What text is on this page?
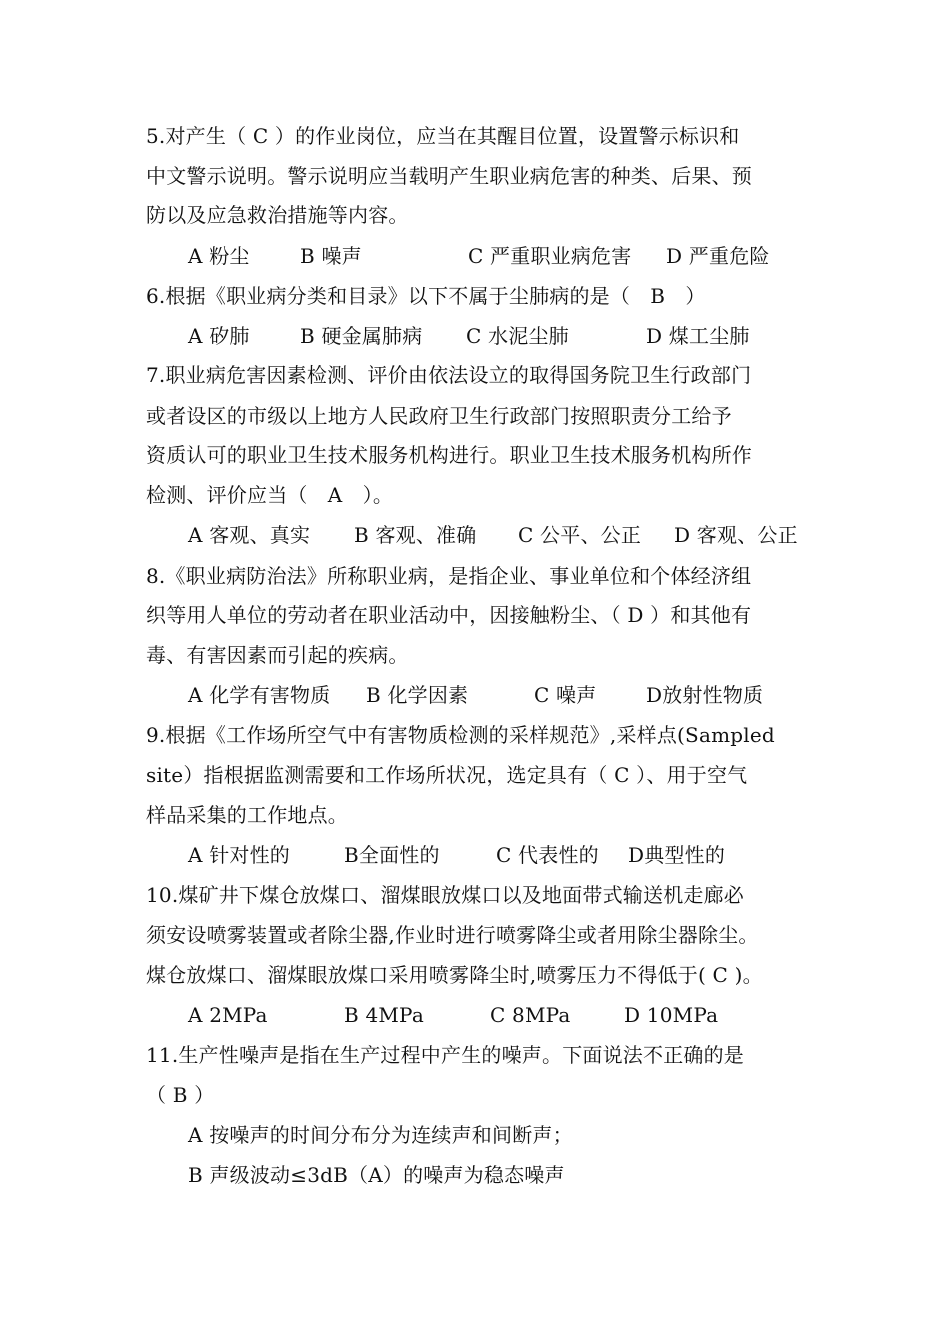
5.对产生（ C ）的作业岗位，应当在其醒目位置，设置警示标识和
中文警示说明。警示说明应当载明产生职业病危害的种类、后果、预
防以及应急救治措施等内容。

A 粉尘

	B 噪声

	C 严重职业病危害

D 严重危险

6.根据《职业病分类和目录》以下不属于尘肺病的是（　B　）

A 矽肺

	B 硬金属肺病

C 水泥尘肺

	D 煤工尘肺

7.职业病危害因素检测、评价由依法设立的取得国务院卫生行政部门
或者设区的市级以上地方人民政府卫生行政部门按照职责分工给予
资质认可的职业卫生技术服务机构进行。职业卫生技术服务机构所作
检测、评价应当（　A　）。

A 客观、真实

B 客观、准确

C 公平、公正

D 客观、公正

8.《职业病防治法》所称职业病，是指企业、事业单位和个体经济组
织等用人单位的劳动者在职业活动中，因接触粉尘、（ D ）和其他有
毒、有害因素而引起的疾病。

A 化学有害物质

B 化学因素

	C 噪声

D放射性物质

9.根据《工作场所空气中有害物质检测的采样规范》,采样点(Sampled
site）指根据监测需要和工作场所状况，选定具有（ C ）、用于空气
样品采集的工作地点。

A 针对性的

	B全面性的

	C 代表性的

D典型性的

10.煤矿井下煤仓放煤口、溜煤眼放煤口以及地面带式输送机走廊必
须安设喷雾装置或者除尘器,作业时进行喷雾降尘或者用除尘器除尘。
煤仓放煤口、溜煤眼放煤口采用喷雾降尘时,喷雾压力不得低于( C )。

A 2MPa

	B 4MPa

	C 8MPa

	D 10MPa

11.生产性噪声是指在生产过程中产生的噪声。下面说法不正确的是
（ B ）
A 按噪声的时间分布分为连续声和间断声；
B 声级波动≤3dB（A）的噪声为稳态噪声
